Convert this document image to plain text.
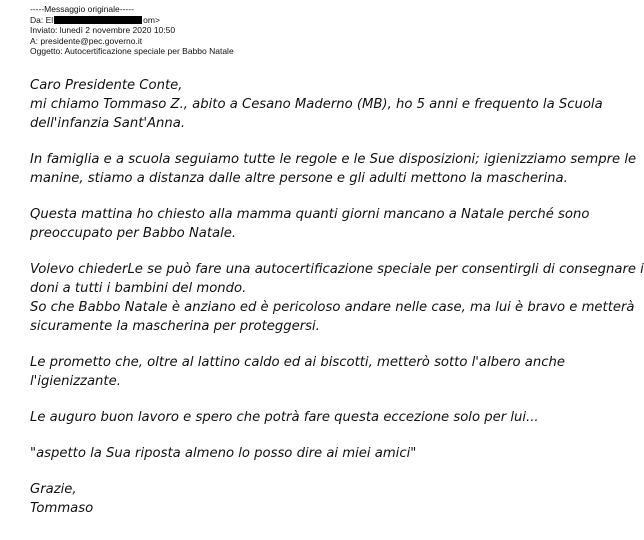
-----Messaggio originale-----
Da: El	om>
Inviato: lunedì 2 novembre 2020 10:50
A: presidente@pec.governo.it
Oggetto: Autocertificazione speciale per Babbo Natale
Caro Presidente Conte,

mi chiamo Tommaso Z., abito a Cesano Maderno (MB), ho 5 anni e frequento la Scuola
dell'infanzia Sant'Anna.

In famiglia e a scuola seguiamo tutte le regole e le Sue disposizioni; igienizziamo sempre le
manine, stiamo a distanza dalle altre persone e gli adulti mettono la mascherina.

Questa mattina ho chiesto alla mamma quanti giorni mancano a Natale perché sono
preoccupato per Babbo Natale.

Volevo chiederLe se può fare una autocertificazione speciale per consentirgli di consegnare i
doni a tutti i bambini del mondo.
So che Babbo Natale è anziano ed è pericoloso andare nelle case, ma lui è bravo e metterà
sicuramente la mascherina per proteggersi.

Le prometto che, oltre al lattino caldo ed ai biscotti, metterò sotto l'albero anche
l'igienizzante.

Le auguro buon lavoro e spero che potrà fare questa eccezione solo per lui...

"aspetto la Sua riposta almeno lo posso dire ai miei amici"

Grazie,
Tommaso
